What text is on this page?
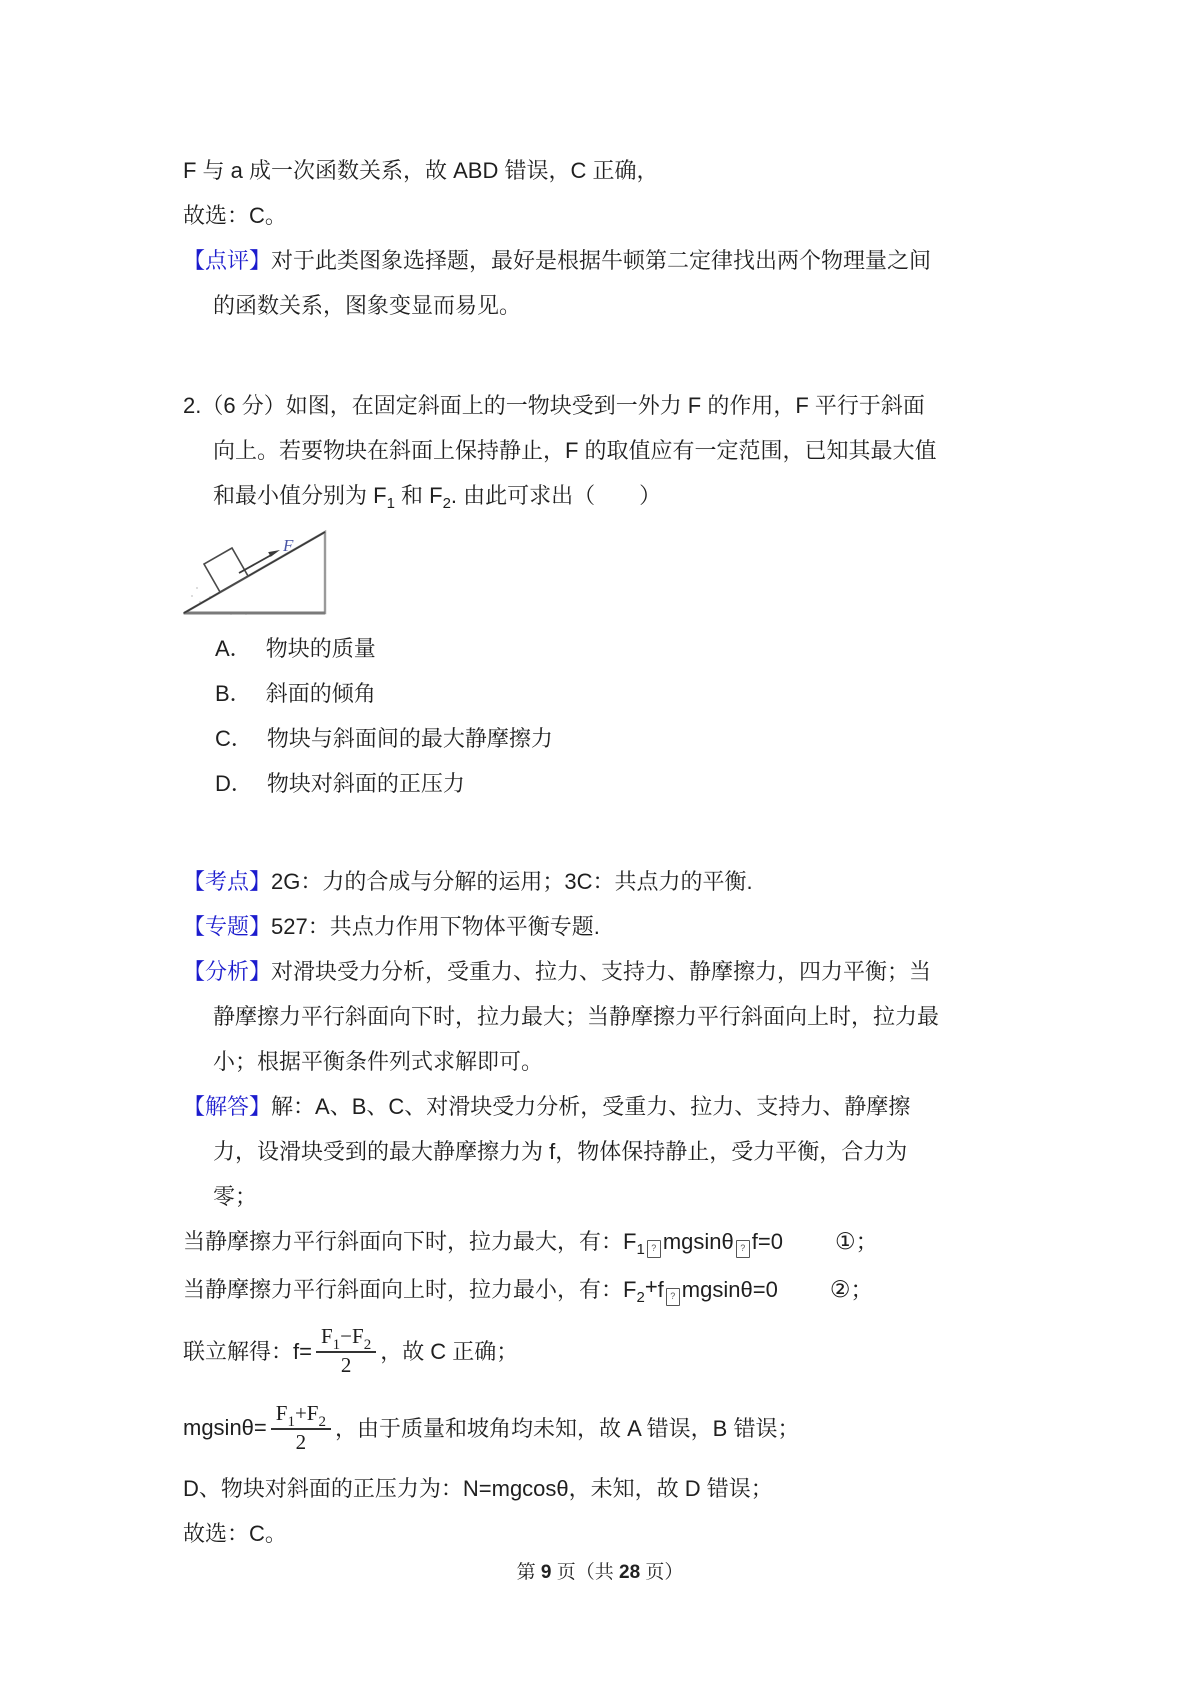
F 与 a 成一次函数关系，故 ABD 错误，C 正确，
故选：C。
【点评】对于此类图象选择题，最好是根据牛顿第二定律找出两个物理量之间
的函数关系，图象变显而易见。
2.（6 分）如图，在固定斜面上的一物块受到一外力 F 的作用，F 平行于斜面
向上。若要物块在斜面上保持静止，F 的取值应有一定范围，已知其最大值
和最小值分别为 $F_1$ 和 $F_2$. 由此可求出（　　）
F
A． 物块的质量
B． 斜面的倾角
C． 物块与斜面间的最大静摩擦力
D． 物块对斜面的正压力
【考点】2G：力的合成与分解的运用；3C：共点力的平衡.
【专题】527：共点力作用下物体平衡专题.
【分析】对滑块受力分析，受重力、拉力、支持力、静摩擦力，四力平衡；当
静摩擦力平行斜面向下时，拉力最大；当静摩擦力平行斜面向上时，拉力最
小；根据平衡条件列式求解即可。
【解答】解：A、B、C、对滑块受力分析，受重力、拉力、支持力、静摩擦
力，设滑块受到的最大静摩擦力为 f，物体保持静止，受力平衡，合力为
零；
当静摩擦力平行斜面向下时，拉力最大，有：$F_1$ ? mgsinθ ? f=0 ①；
当静摩擦力平行斜面向上时，拉力最小，有：$F_2+f$ ? mgsinθ=0 ②；
联立解得：$f= \frac{F_1-F_2}{2}$ ，故 C 正确；
$mgsin\theta= \frac{F_1+F_2}{2}$ ，由于质量和坡角均未知，故 A 错误，B 错误；
D、物块对斜面的正压力为：N=mgcosθ，未知，故 D 错误；
故选：C。
第 9 页（共 28 页）
